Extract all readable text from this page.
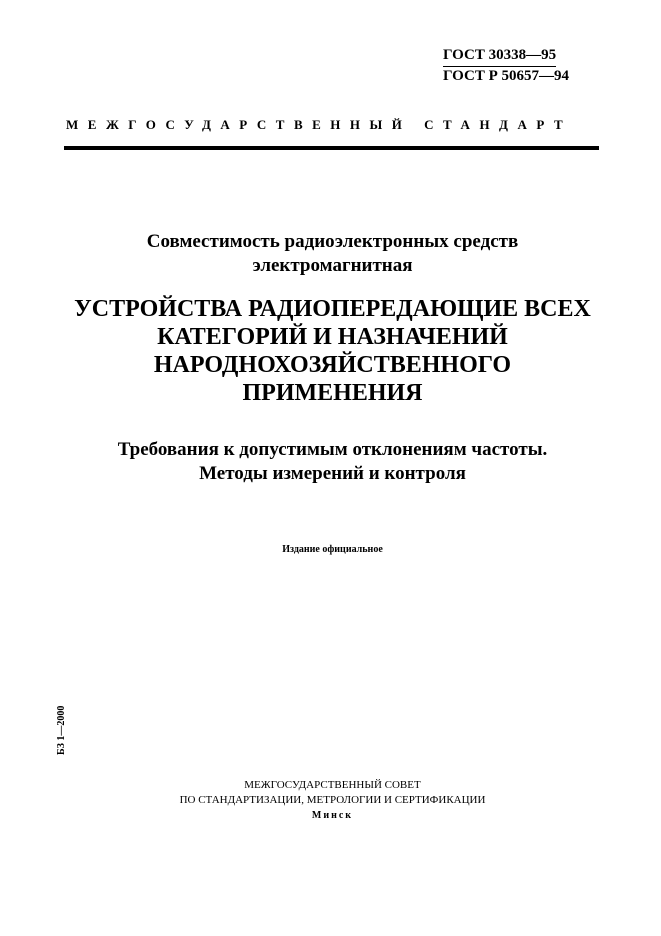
ГОСТ 30338—95
ГОСТ Р 50657—94
МЕЖГОСУДАРСТВЕННЫЙ СТАНДАРТ
Совместимость радиоэлектронных средств
электромагнитная
УСТРОЙСТВА РАДИОПЕРЕДАЮЩИЕ ВСЕХ
КАТЕГОРИЙ И НАЗНАЧЕНИЙ
НАРОДНОХОЗЯЙСТВЕННОГО
ПРИМЕНЕНИЯ
Требования к допустимым отклонениям частоты.
Методы измерений и контроля
Издание официальное
БЗ 1—2000
МЕЖГОСУДАРСТВЕННЫЙ СОВЕТ
ПО СТАНДАРТИЗАЦИИ, МЕТРОЛОГИИ И СЕРТИФИКАЦИИ
Минск
